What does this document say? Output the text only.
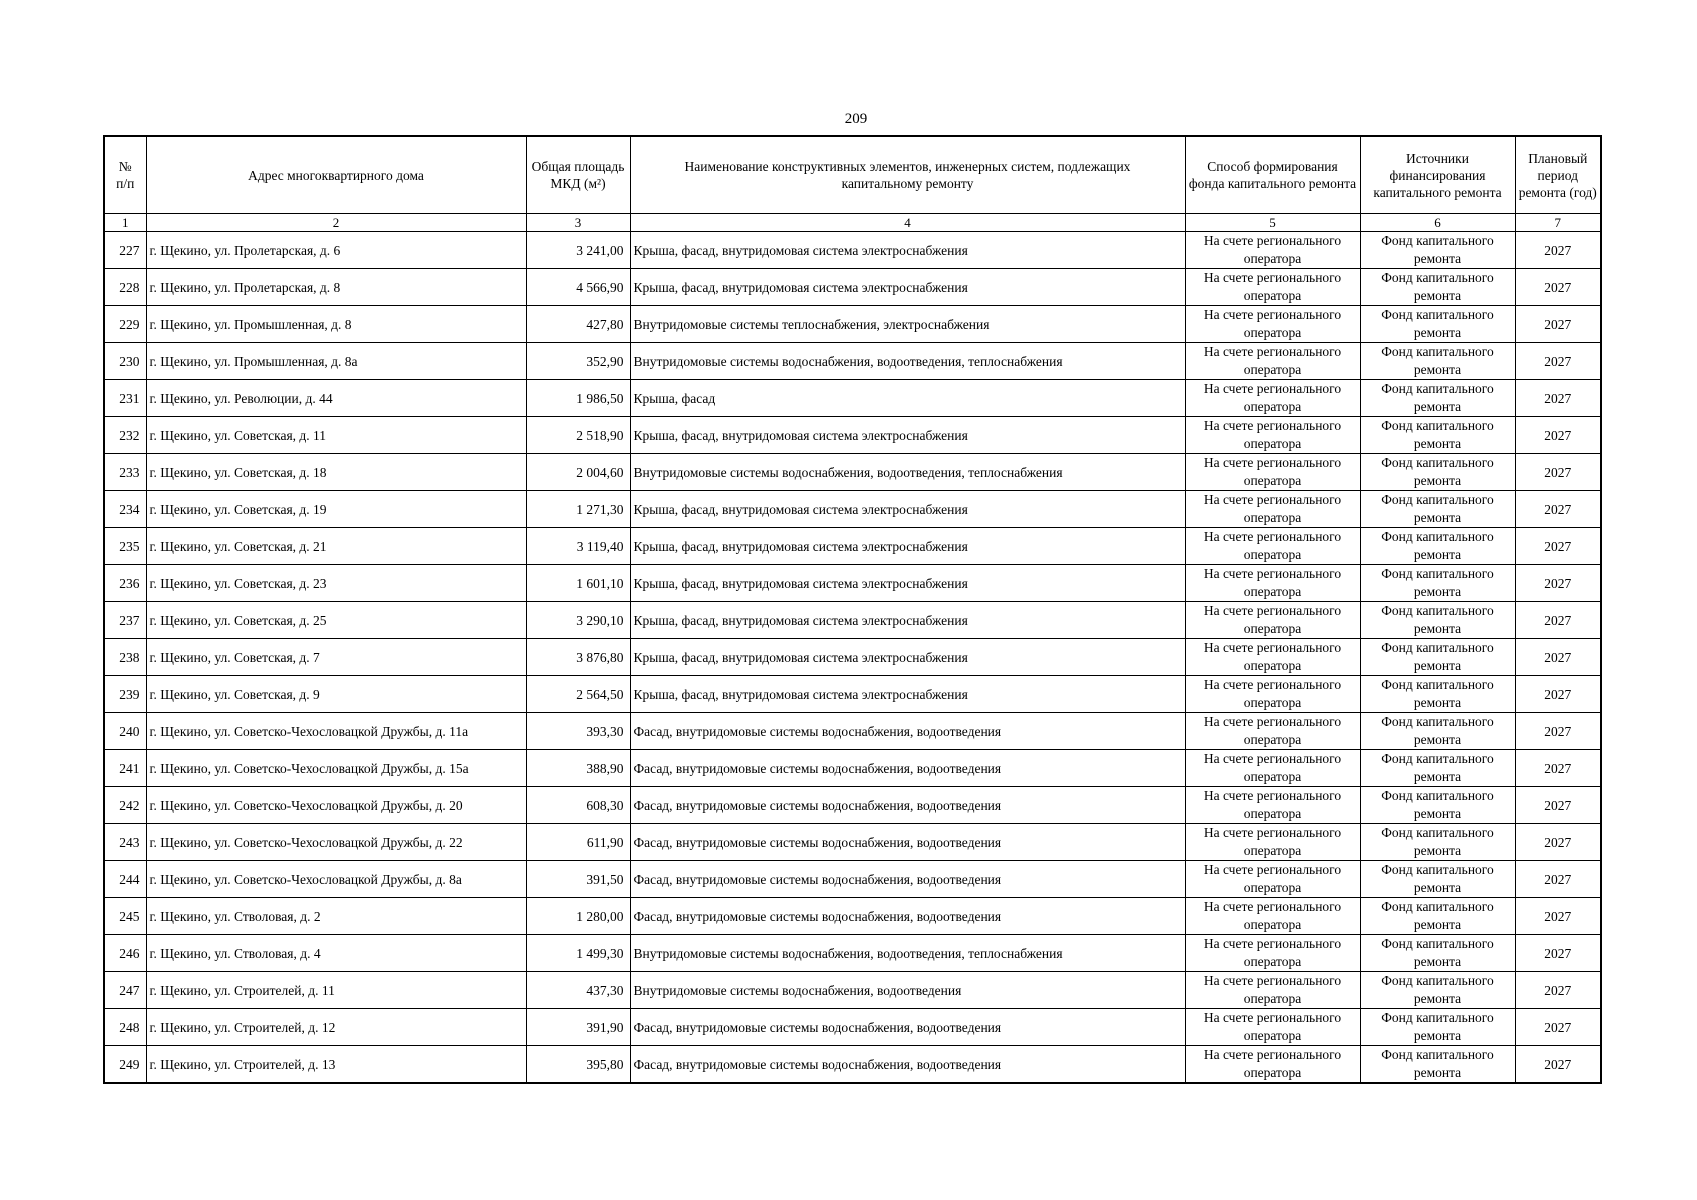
209
№
п/п	Адрес многоквартирного дома	Общая площадь МКД (м²)	Наименование конструктивных элементов, инженерных систем, подлежащих капитальному ремонту	Способ формирования фонда капитального ремонта	Источники финансирования капитального ремонта	Плановый период ремонта (год)
1	2	3	4	5	6	7
227	г. Щекино, ул. Пролетарская, д. 6	3 241,00	Крыша, фасад, внутридомовая система электроснабжения	На счете регионального оператора	Фонд капитального ремонта	2027
228	г. Щекино, ул. Пролетарская, д. 8	4 566,90	Крыша, фасад, внутридомовая система электроснабжения	На счете регионального оператора	Фонд капитального ремонта	2027
229	г. Щекино, ул. Промышленная, д. 8	427,80	Внутридомовые системы теплоснабжения, электроснабжения	На счете регионального оператора	Фонд капитального ремонта	2027
230	г. Щекино, ул. Промышленная, д. 8а	352,90	Внутридомовые системы водоснабжения, водоотведения, теплоснабжения	На счете регионального оператора	Фонд капитального ремонта	2027
231	г. Щекино, ул. Революции, д. 44	1 986,50	Крыша, фасад	На счете регионального оператора	Фонд капитального ремонта	2027
232	г. Щекино, ул. Советская, д. 11	2 518,90	Крыша, фасад, внутридомовая система электроснабжения	На счете регионального оператора	Фонд капитального ремонта	2027
233	г. Щекино, ул. Советская, д. 18	2 004,60	Внутридомовые системы водоснабжения, водоотведения, теплоснабжения	На счете регионального оператора	Фонд капитального ремонта	2027
234	г. Щекино, ул. Советская, д. 19	1 271,30	Крыша, фасад, внутридомовая система электроснабжения	На счете регионального оператора	Фонд капитального ремонта	2027
235	г. Щекино, ул. Советская, д. 21	3 119,40	Крыша, фасад, внутридомовая система электроснабжения	На счете регионального оператора	Фонд капитального ремонта	2027
236	г. Щекино, ул. Советская, д. 23	1 601,10	Крыша, фасад, внутридомовая система электроснабжения	На счете регионального оператора	Фонд капитального ремонта	2027
237	г. Щекино, ул. Советская, д. 25	3 290,10	Крыша, фасад, внутридомовая система электроснабжения	На счете регионального оператора	Фонд капитального ремонта	2027
238	г. Щекино, ул. Советская, д. 7	3 876,80	Крыша, фасад, внутридомовая система электроснабжения	На счете регионального оператора	Фонд капитального ремонта	2027
239	г. Щекино, ул. Советская, д. 9	2 564,50	Крыша, фасад, внутридомовая система электроснабжения	На счете регионального оператора	Фонд капитального ремонта	2027
240	г. Щекино, ул. Советско-Чехословацкой Дружбы, д. 11а	393,30	Фасад, внутридомовые системы водоснабжения, водоотведения	На счете регионального оператора	Фонд капитального ремонта	2027
241	г. Щекино, ул. Советско-Чехословацкой Дружбы, д. 15а	388,90	Фасад, внутридомовые системы водоснабжения, водоотведения	На счете регионального оператора	Фонд капитального ремонта	2027
242	г. Щекино, ул. Советско-Чехословацкой Дружбы, д. 20	608,30	Фасад, внутридомовые системы водоснабжения, водоотведения	На счете регионального оператора	Фонд капитального ремонта	2027
243	г. Щекино, ул. Советско-Чехословацкой Дружбы, д. 22	611,90	Фасад, внутридомовые системы водоснабжения, водоотведения	На счете регионального оператора	Фонд капитального ремонта	2027
244	г. Щекино, ул. Советско-Чехословацкой Дружбы, д. 8а	391,50	Фасад, внутридомовые системы водоснабжения, водоотведения	На счете регионального оператора	Фонд капитального ремонта	2027
245	г. Щекино, ул. Стволовая, д. 2	1 280,00	Фасад, внутридомовые системы водоснабжения, водоотведения	На счете регионального оператора	Фонд капитального ремонта	2027
246	г. Щекино, ул. Стволовая, д. 4	1 499,30	Внутридомовые системы водоснабжения, водоотведения, теплоснабжения	На счете регионального оператора	Фонд капитального ремонта	2027
247	г. Щекино, ул. Строителей, д. 11	437,30	Внутридомовые системы водоснабжения, водоотведения	На счете регионального оператора	Фонд капитального ремонта	2027
248	г. Щекино, ул. Строителей, д. 12	391,90	Фасад, внутридомовые системы водоснабжения, водоотведения	На счете регионального оператора	Фонд капитального ремонта	2027
249	г. Щекино, ул. Строителей, д. 13	395,80	Фасад, внутридомовые системы водоснабжения, водоотведения	На счете регионального оператора	Фонд капитального ремонта	2027
